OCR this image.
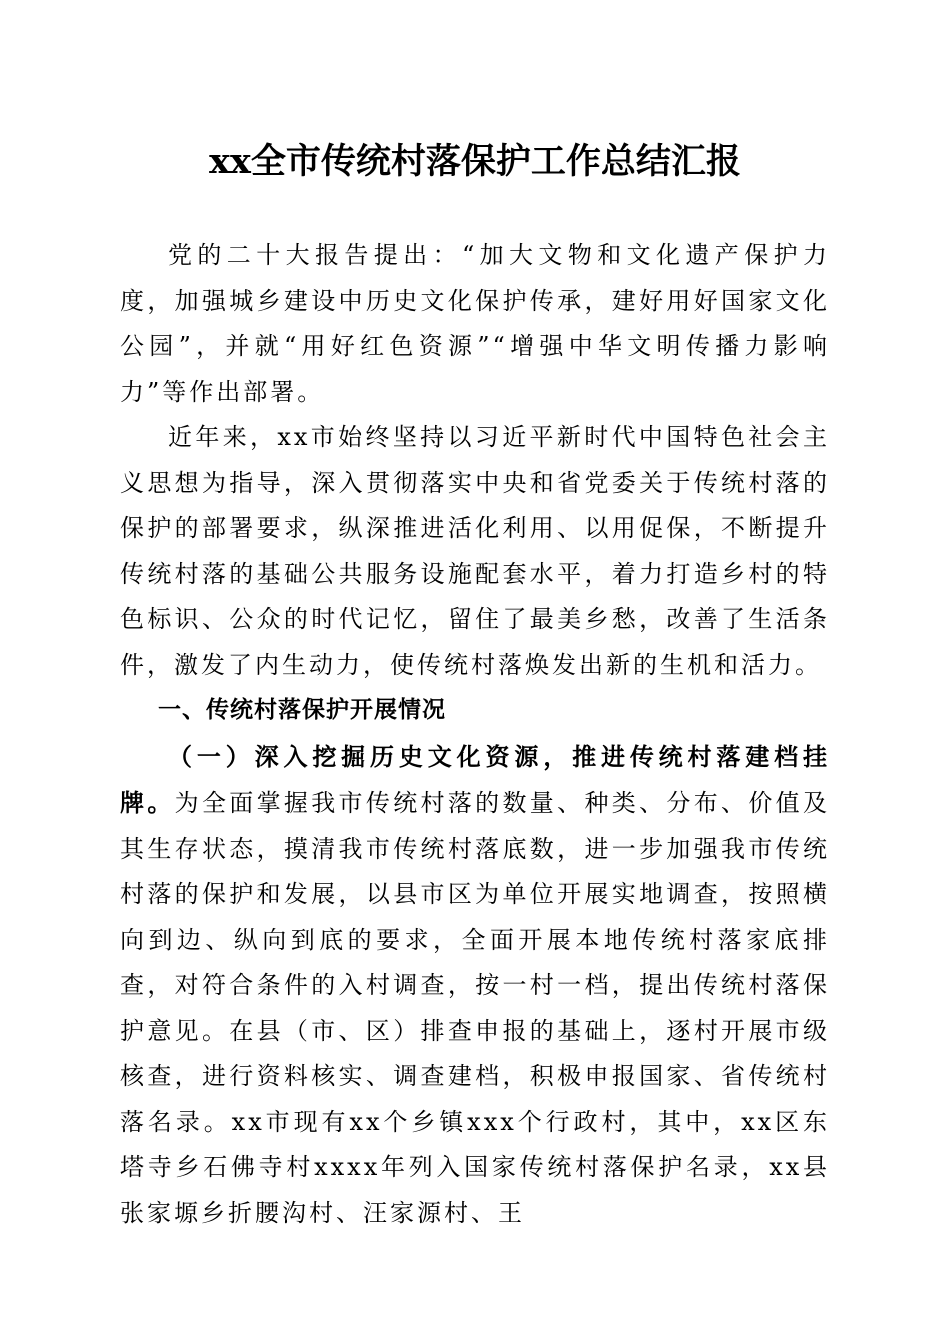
xx全市传统村落保护工作总结汇报

党的二十大报告提出：“加大文物和文化遗产保护力度，加强城乡建设中历史文化保护传承，建好用好国家文化公园”，并就“用好红色资源”“增强中华文明传播力影响力”等作出部署。

近年来，xx市始终坚持以习近平新时代中国特色社会主义思想为指导，深入贯彻落实中央和省党委关于传统村落的保护的部署要求，纵深推进活化利用、以用促保，不断提升传统村落的基础公共服务设施配套水平，着力打造乡村的特色标识、公众的时代记忆，留住了最美乡愁，改善了生活条件，激发了内生动力，使传统村落焕发出新的生机和活力。

一、传统村落保护开展情况

（一）深入挖掘历史文化资源，推进传统村落建档挂牌。为全面掌握我市传统村落的数量、种类、分布、价值及其生存状态，摸清我市传统村落底数，进一步加强我市传统村落的保护和发展，以县市区为单位开展实地调查，按照横向到边、纵向到底的要求，全面开展本地传统村落家底排查，对符合条件的入村调查，按一村一档，提出传统村落保护意见。在县（市、区）排查申报的基础上，逐村开展市级核查，进行资料核实、调查建档，积极申报国家、省传统村落名录。xx市现有xx个乡镇xxx个行政村，其中，xx区东塔寺乡石佛寺村xxxx年列入国家传统村落保护名录，xx县张家塬乡折腰沟村、汪家源村、王
